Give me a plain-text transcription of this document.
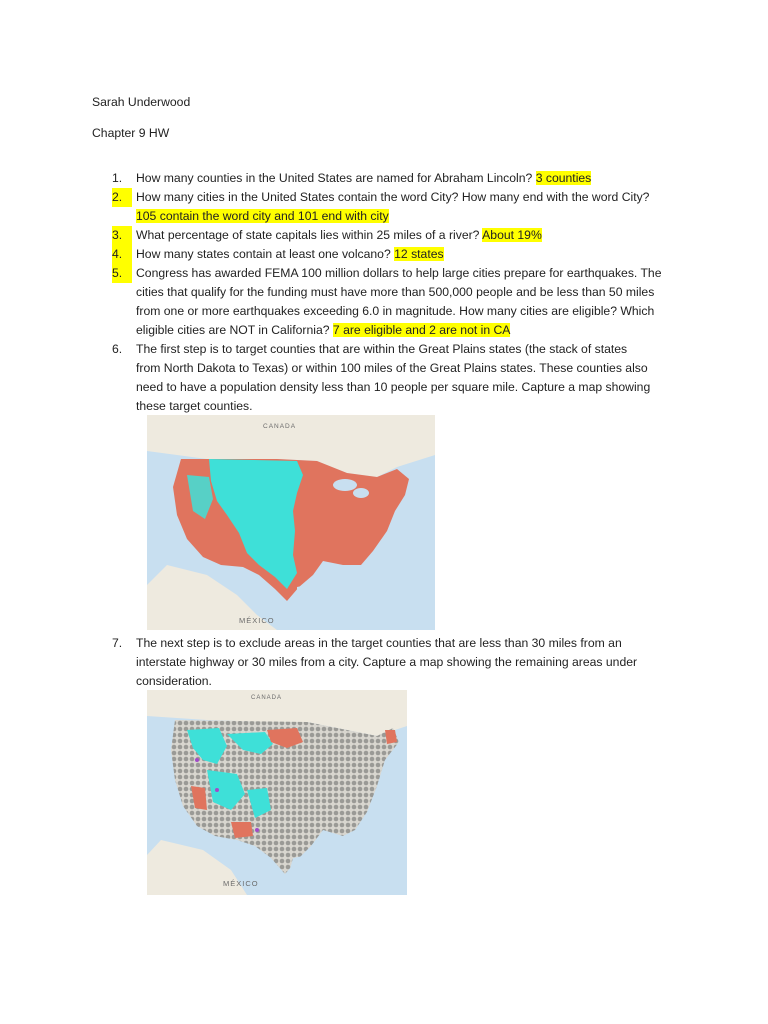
Sarah Underwood
Chapter 9 HW
1.	How many counties in the United States are named for Abraham Lincoln? 3 counties
2.	How many cities in the United States contain the word City? How many end with the word City?
105 contain the word city and 101 end with city
3.	What percentage of state capitals lies within 25 miles of a river? About 19%
4.	How many states contain at least one volcano? 12 states
5.	Congress has awarded FEMA 100 million dollars to help large cities prepare for earthquakes. The
cities that qualify for the funding must have more than 500,000 people and be less than 50 miles
from one or more earthquakes exceeding 6.0 in magnitude. How many cities are eligible? Which
eligible cities are NOT in California? 7 are eligible and 2 are not in CA
6.	The first step is to target counties that are within the Great Plains states (the stack of states
from North Dakota to Texas) or within 100 miles of the Great Plains states. These counties also
need to have a population density less than 10 people per square mile. Capture a map showing
these target counties.
CANADA
MÉXICO
7.	The next step is to exclude areas in the target counties that are less than 30 miles from an
interstate highway or 30 miles from a city. Capture a map showing the remaining areas under
consideration.
CANADA
MÉXICO
